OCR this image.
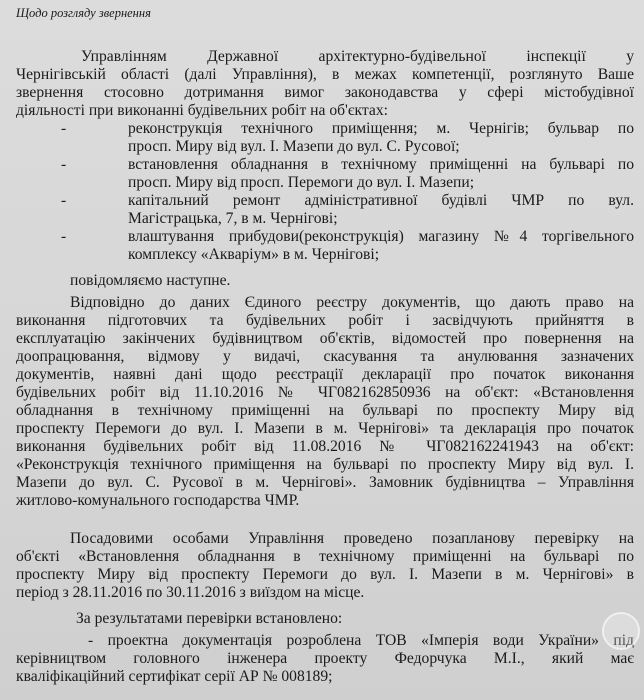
Щодо розгляду звернення
Управлінням Державної архітектурно-будівельної інспекції у
Чернігівській області (далі Управління), в межах компетенції, розглянуто Ваше
звернення стосовно дотримання вимог законодавства у сфері містобудівної
діяльності при виконанні будівельних робіт на об'єктах:
-	реконструкція технічного приміщення; м. Чернігів; бульвар по
просп. Миру від вул. І. Мазепи до вул. С. Русової;
-	встановлення обладнання в технічному приміщенні на бульварі по
просп. Миру від просп. Перемоги до вул. І. Мазепи;
-	капітальний ремонт адміністративної будівлі ЧМР по вул.
Магістрацька, 7, в м. Чернігові;
-	влаштування прибудови(реконструкція) магазину №4 торгівельного
комплексу «Акваріум» в м. Чернігові;
повідомляємо наступне.
Відповідно до даних Єдиного реєстру документів, що дають право на
виконання підготовчих та будівельних робіт і засвідчують прийняття в
експлуатацію закінчених будівництвом об'єктів, відомостей про повернення на
доопрацювання, відмову у видачі, скасування та анулювання зазначених
документів, наявні дані щодо реєстрації декларації про початок виконання
будівельних робіт від 11.10.2016 № ЧГ082162850936 на об'єкт: «Встановлення
обладнання в технічному приміщенні на бульварі по проспекту Миру від
проспекту Перемоги до вул. І. Мазепи в м. Чернігові» та декларація про початок
виконання будівельних робіт від 11.08.2016 № ЧГ082162241943 на об'єкт:
«Реконструкція технічного приміщення на бульварі по проспекту Миру від вул. І.
Мазепи до вул. С. Русової в м. Чернігові». Замовник будівництва – Управління
житлово-комунального господарства ЧМР.
Посадовими особами Управління проведено позапланову перевірку на
об'єкті «Встановлення обладнання в технічному приміщенні на бульварі по
проспекту Миру від проспекту Перемоги до вул. І. Мазепи в м. Чернігові» в
період з 28.11.2016 по 30.11.2016 з виїздом на місце.
За результатами перевірки встановлено:
- проектна документація розроблена ТОВ «Імперія води України» під
керівництвом головного інженера проекту Федорчука М.І., який має
кваліфікаційний сертифікат серії АР № 008189;
